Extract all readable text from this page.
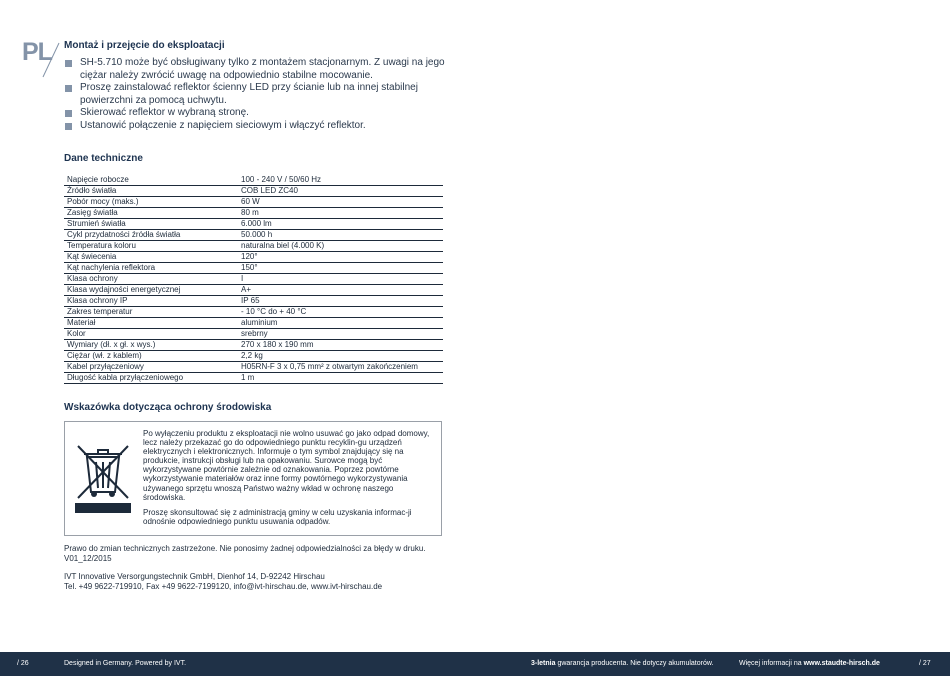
PL Montaż i przejęcie do eksploatacji
SH-5.710 może być obsługiwany tylko z montażem stacjonarnym. Z uwagi na jego ciężar należy zwrócić uwagę na odpowiednio stabilne mocowanie.
Proszę zainstalować reflektor ścienny LED przy ścianie lub na innej stabilnej powierzchni za pomocą uchwytu.
Skierować reflektor w wybraną stronę.
Ustanowić połączenie z napięciem sieciowym i włączyć reflektor.
Dane techniczne
Napięcie robocze	100 - 240 V / 50/60 Hz
Źródło światła	COB LED ZC40
Pobór mocy (maks.)	60 W
Zasięg światła	80 m
Strumień światła	6.000 lm
Cykl przydatności źródła światła	50.000 h
Temperatura koloru	naturalna biel (4.000 K)
Kąt świecenia	120°
Kąt nachylenia reflektora	150°
Klasa ochrony	I
Klasa wydajności energetycznej	A+
Klasa ochrony IP	IP 65
Zakres temperatur	- 10 °C do + 40 °C
Materiał	aluminium
Kolor	srebrny
Wymiary (dł. x gł. x wys.)	270 x 180 x 190 mm
Ciężar (wł. z kablem)	2,2 kg
Kabel przyłączeniowy	H05RN-F 3 x 0,75 mm² z otwartym zakończeniem
Długość kabla przyłączeniowego	1 m
Wskazówka dotycząca ochrony środowiska

Po wyłączeniu produktu z eksploatacji nie wolno usuwać go jako odpad domowy, lecz należy przekazać go do odpowiedniego punktu recyklin-gu urządzeń elektrycznych i elektronicznych. Informuje o tym symbol znajdujący się na produkcie, instrukcji obsługi lub na opakowaniu. Surowce mogą być wykorzystywane powtórnie zależnie od oznakowania. Poprzez powtórne wykorzystywanie materiałów oraz inne formy powtórnego wykorzystywania używanego sprzętu wnoszą Państwo ważny wkład w ochronę naszego środowiska.

Proszę skonsultować się z administracją gminy w celu uzyskania informac-ji odnośnie odpowiedniego punktu usuwania odpadów.

Prawo do zmian technicznych zastrzeżone. Nie ponosimy żadnej odpowiedzialności za błędy w druku. V01_12/2015

IVT Innovative Versorgungstechnik GmbH, Dienhof 14, D-92242 Hirschau
Tel. +49 9622-719910, Fax +49 9622-7199120, info@ivt-hirschau.de, www.ivt-hirschau.de

/ 26	Designed in Germany. Powered by IVT.	3-letnia gwarancja producenta. Nie dotyczy akumulatorów.	Więcej informacji na www.staudte-hirsch.de	/ 27
